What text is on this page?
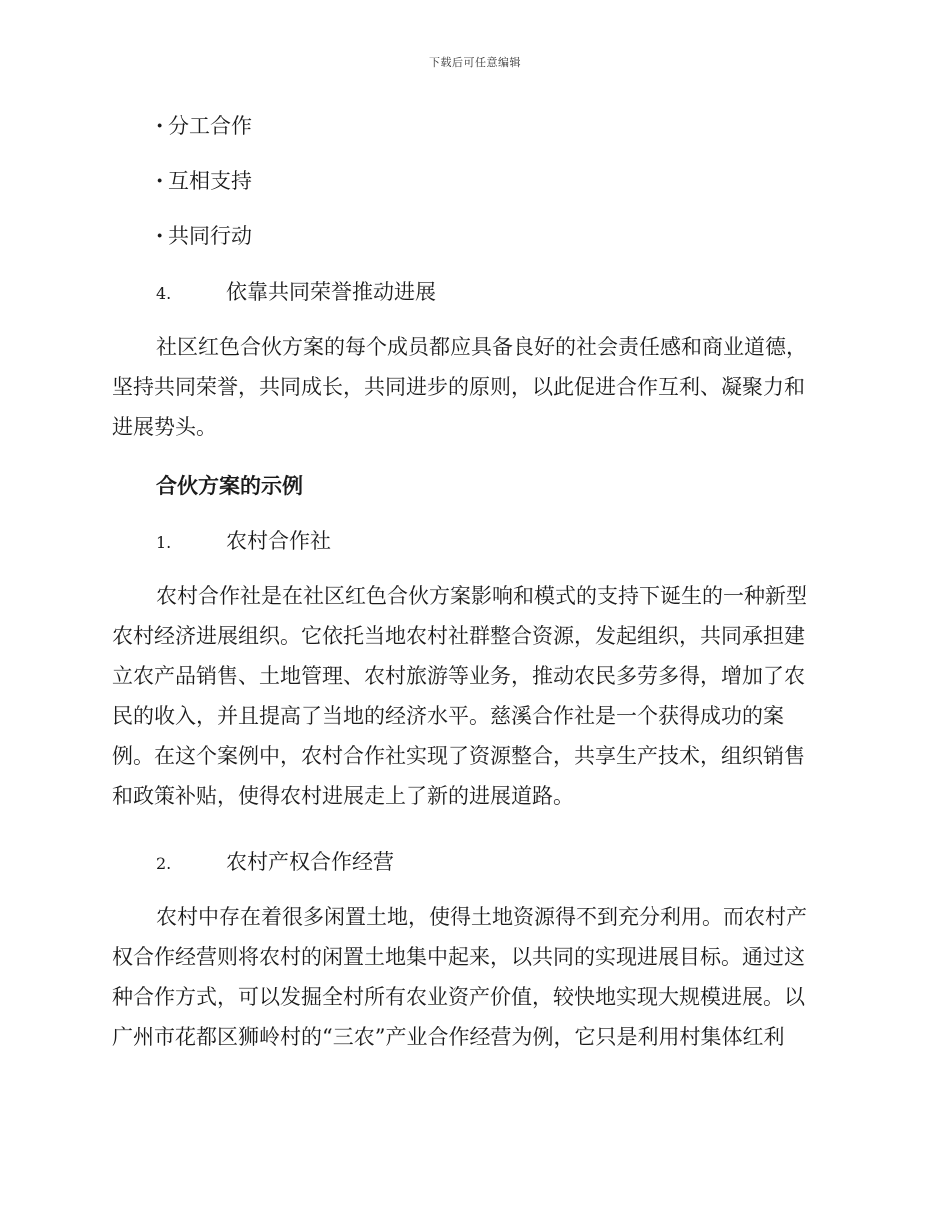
下载后可任意编辑
· 分工合作
· 互相支持
· 共同行动
4.	依靠共同荣誉推动进展
社区红色合伙方案的每个成员都应具备良好的社会责任感和商业道德，
坚持共同荣誉，共同成长，共同进步的原则，以此促进合作互利、凝聚力和
进展势头。
合伙方案的示例
1.	农村合作社
农村合作社是在社区红色合伙方案影响和模式的支持下诞生的一种新型
农村经济进展组织。它依托当地农村社群整合资源，发起组织，共同承担建
立农产品销售、土地管理、农村旅游等业务，推动农民多劳多得，增加了农
民的收入，并且提高了当地的经济水平。慈溪合作社是一个获得成功的案
例。在这个案例中，农村合作社实现了资源整合，共享生产技术，组织销售
和政策补贴，使得农村进展走上了新的进展道路。
2.	农村产权合作经营
农村中存在着很多闲置土地，使得土地资源得不到充分利用。而农村产
权合作经营则将农村的闲置土地集中起来，以共同的实现进展目标。通过这
种合作方式，可以发掘全村所有农业资产价值，较快地实现大规模进展。以
广州市花都区狮岭村的“三农”产业合作经营为例，它只是利用村集体红利
